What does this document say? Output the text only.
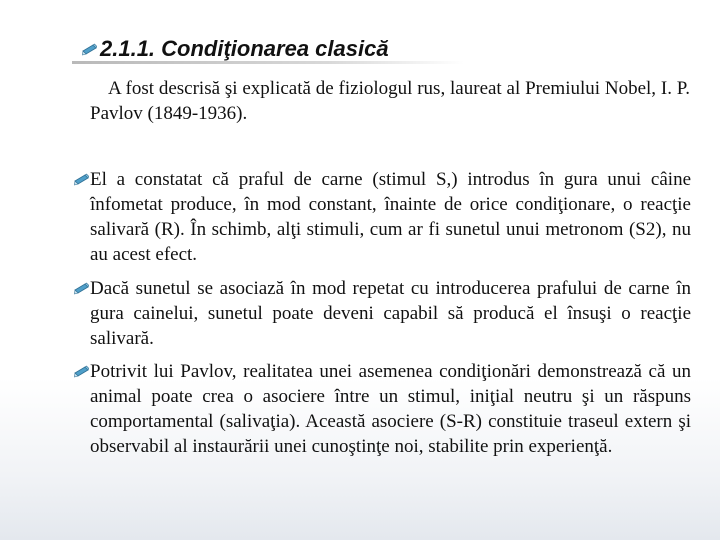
2.1.1. Condiţionarea clasică

A fost descrisă şi explicată de fiziologul rus, laureat al Premiului Nobel, I. P. Pavlov (1849-1936).

El a constatat că praful de carne (stimul S,) introdus în gura unui câine înfometat produce, în mod constant, înainte de orice condiţionare, o reacţie salivară (R). În schimb, alţi stimuli, cum ar fi sunetul unui metronom (S2), nu au acest efect.

Dacă sunetul se asociază în mod repetat cu introducerea prafului de carne în gura cainelui, sunetul poate deveni capabil să producă el însuşi o reacţie salivară.

Potrivit lui Pavlov, realitatea unei asemenea condiţionări demonstrează că un animal poate crea o asociere între un stimul, iniţial neutru şi un răspuns comportamental (salivaţia). Această asociere (S-R) constituie traseul extern şi observabil al instaurării unei cunoştinţe noi, stabilite prin experienţă.
